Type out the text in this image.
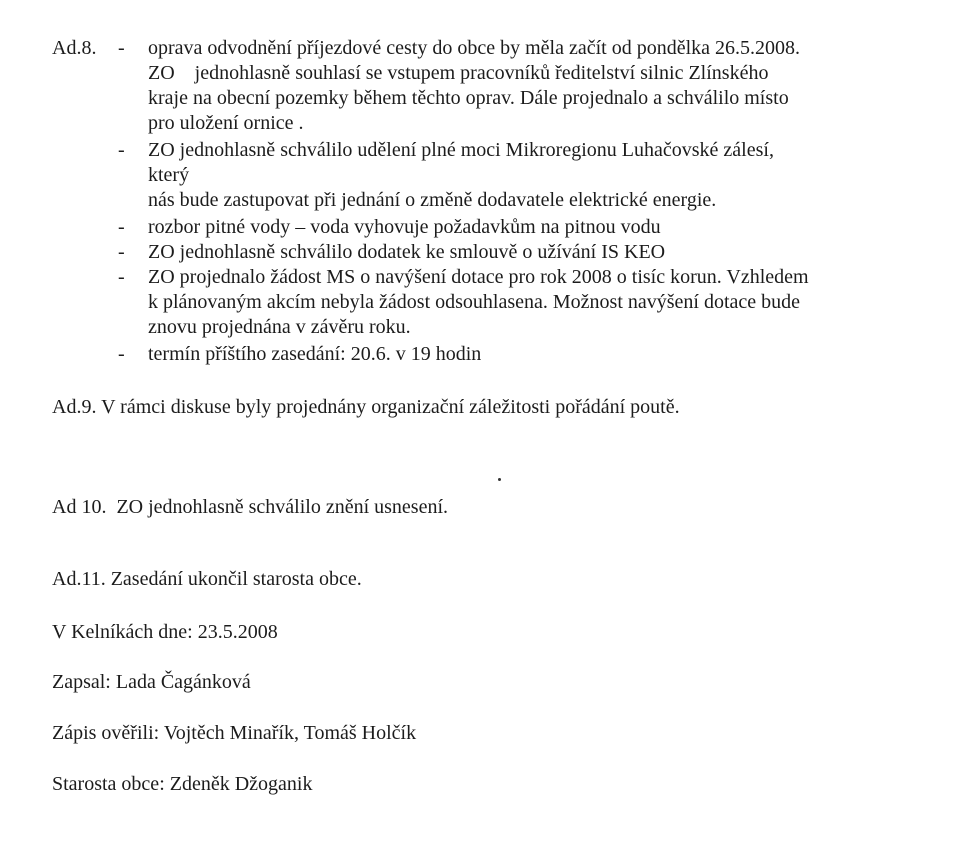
Ad.8. - oprava odvodnění příjezdové cesty do obce by měla začít od pondělka 26.5.2008.
ZO    jednohlasně souhlasí se vstupem pracovníků ředitelství silnic Zlínského
kraje na obecní pozemky během těchto oprav. Dále projednalo a schválilo místo
pro uložení ornice .
- ZO jednohlasně schválilo udělení plné moci Mikroregionu Luhačovské zálesí,
který
nás bude zastupovat při jednání o změně dodavatele elektrické energie.
- rozbor pitné vody – voda vyhovuje požadavkům na pitnou vodu
- ZO jednohlasně schválilo dodatek ke smlouvě o užívání IS KEO
- ZO projednalo žádost MS o navýšení dotace pro rok 2008 o tisíc korun. Vzhledem
k plánovaným akcím nebyla žádost odsouhlasena. Možnost navýšení dotace bude
znovu projednána v závěru roku.
- termín příštího zasedání: 20.6. v 19 hodin
Ad.9. V rámci diskuse byly projednány organizační záležitosti pořádání poutě.
Ad 10.  ZO jednohlasně schválilo znění usnesení.
Ad.11. Zasedání ukončil starosta obce.
V Kelníkách dne: 23.5.2008
Zapsal: Lada Čagánková
Zápis ověřili: Vojtěch Minařík, Tomáš Holčík
Starosta obce: Zdeněk Džoganik
